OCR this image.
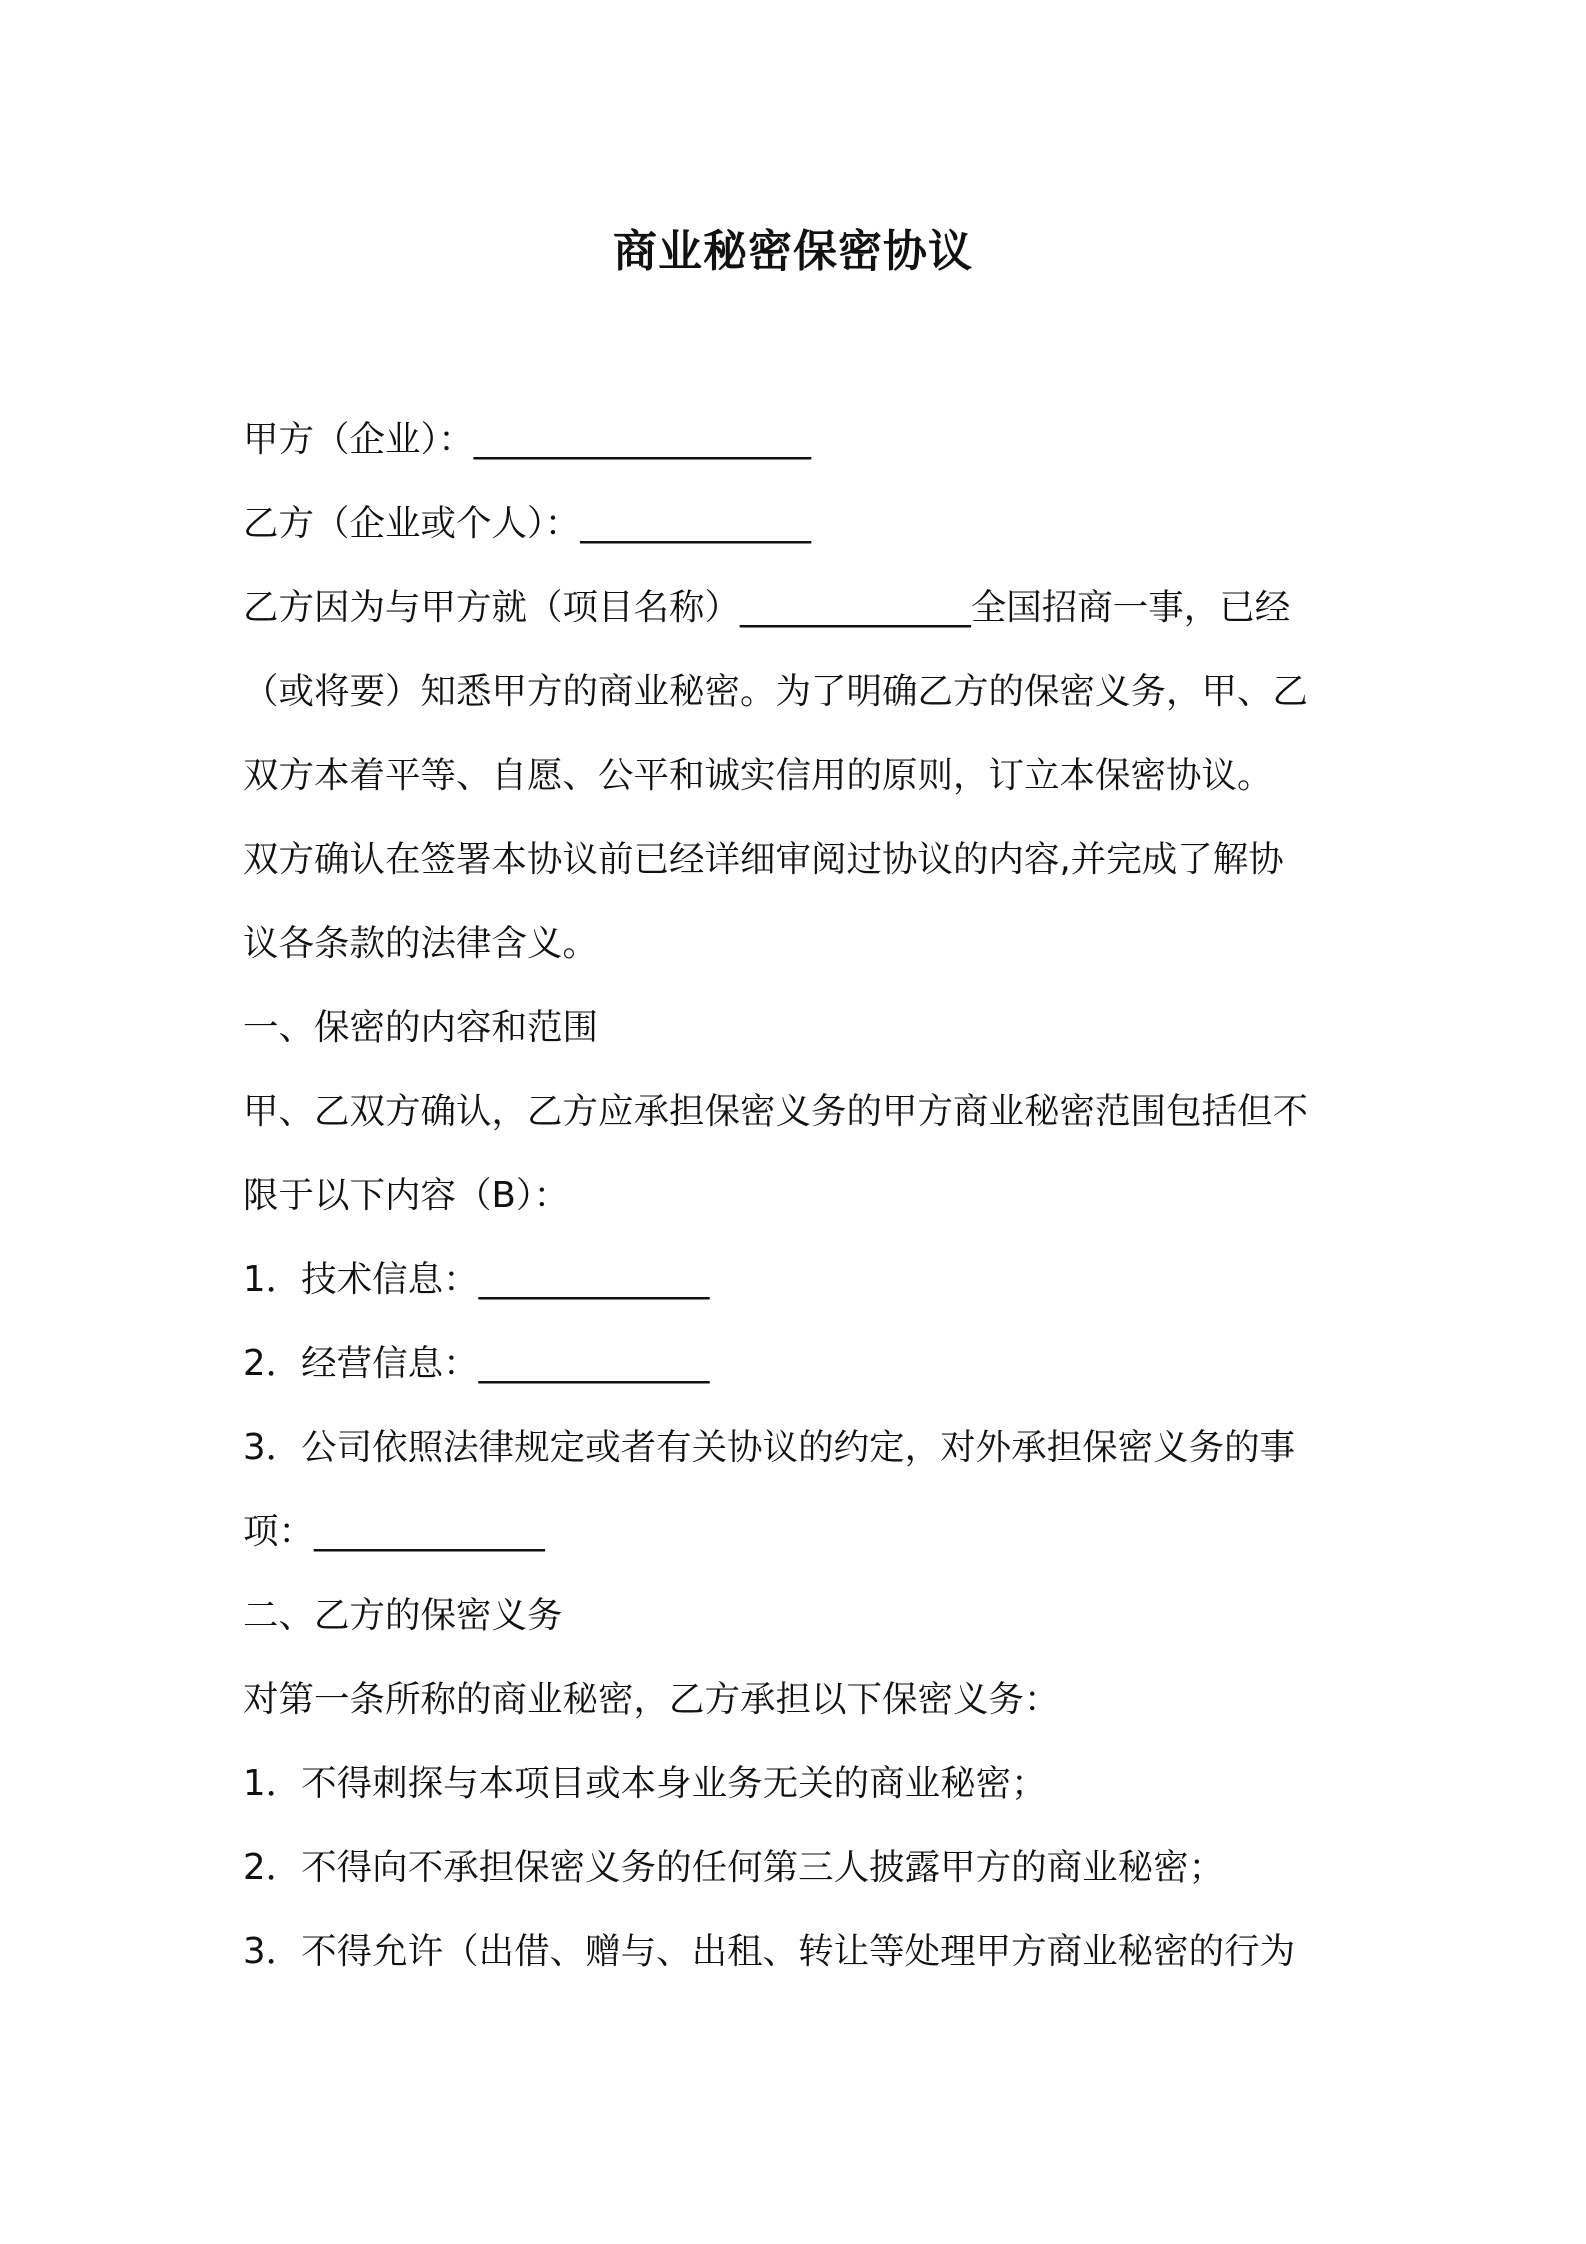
商业秘密保密协议
甲方（企业）：___________________
乙方（企业或个人）：_____________
乙方因为与甲方就（项目名称）_____________全国招商一事，已经
（或将要）知悉甲方的商业秘密。为了明确乙方的保密义务，甲、乙
双方本着平等、自愿、公平和诚实信用的原则，订立本保密协议。
双方确认在签署本协议前已经详细审阅过协议的内容,并完成了解协
议各条款的法律含义。
一、保密的内容和范围
甲、乙双方确认，乙方应承担保密义务的甲方商业秘密范围包括但不
限于以下内容（B）：
1．技术信息：_____________
2．经营信息：_____________
3．公司依照法律规定或者有关协议的约定，对外承担保密义务的事
项：_____________
二、乙方的保密义务
对第一条所称的商业秘密，乙方承担以下保密义务：
1．不得刺探与本项目或本身业务无关的商业秘密；
2．不得向不承担保密义务的任何第三人披露甲方的商业秘密；
3．不得允许（出借、赠与、出租、转让等处理甲方商业秘密的行为
